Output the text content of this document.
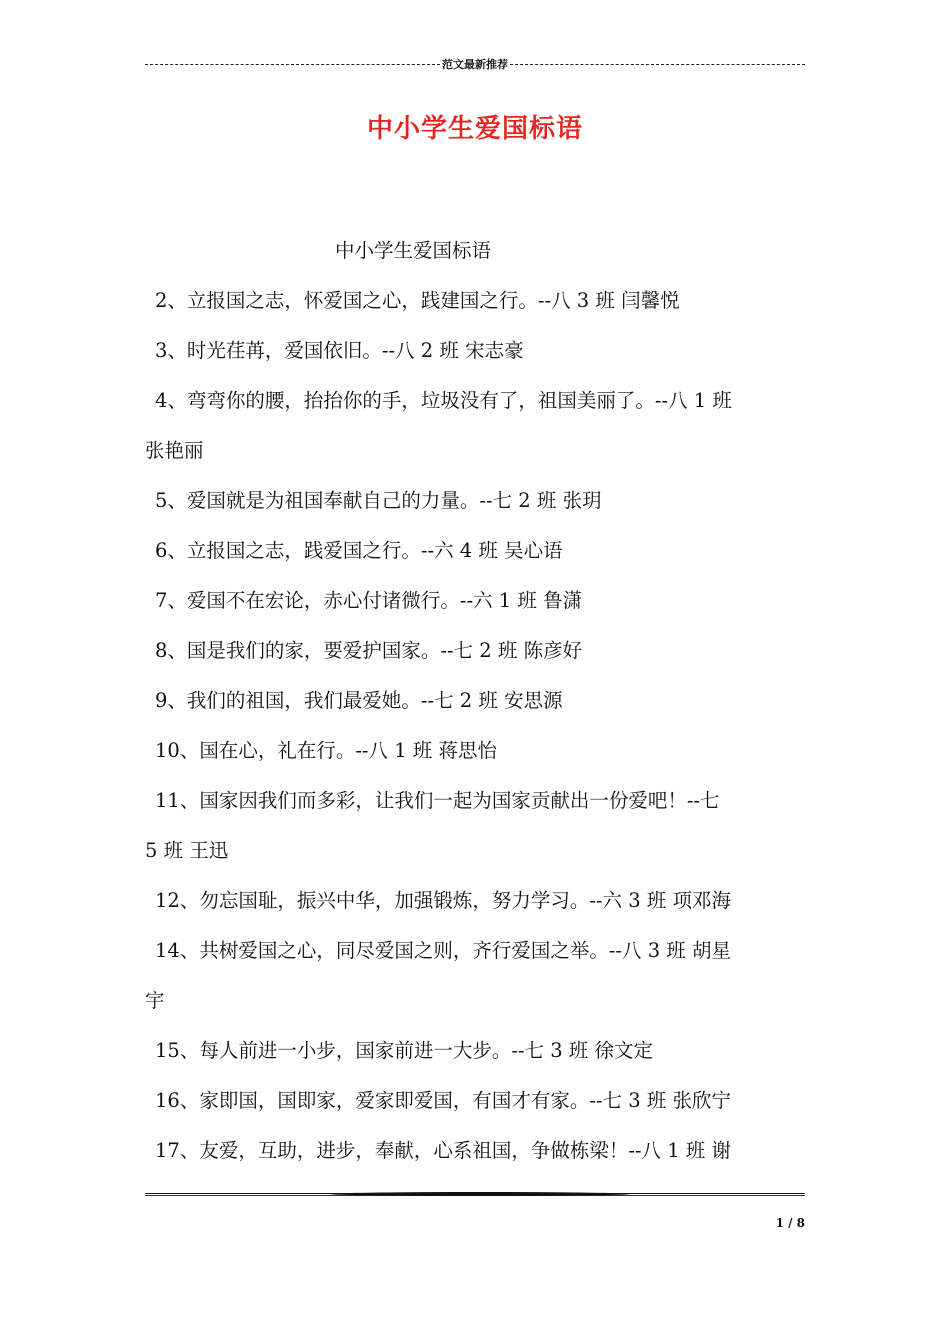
范文最新推荐
中小学生爱国标语
中小学生爱国标语
2、立报国之志，怀爱国之心，践建国之行。--八 3 班 闫馨悦
3、时光荏苒，爱国依旧。--八 2 班 宋志豪
4、弯弯你的腰，抬抬你的手，垃圾没有了，祖国美丽了。--八 1 班
张艳丽
5、爱国就是为祖国奉献自己的力量。--七 2 班 张玥
6、立报国之志，践爱国之行。--六 4 班 吴心语
7、爱国不在宏论，赤心付诸微行。--六 1 班 鲁潇
8、国是我们的家，要爱护国家。--七 2 班 陈彦好
9、我们的祖国，我们最爱她。--七 2 班 安思源
10、国在心，礼在行。--八 1 班 蒋思怡
11、国家因我们而多彩，让我们一起为国家贡献出一份爱吧！--七
5 班 王迅
12、勿忘国耻，振兴中华，加强锻炼，努力学习。--六 3 班 项邓海
14、共树爱国之心，同尽爱国之则，齐行爱国之举。--八 3 班 胡星
宇
15、每人前进一小步，国家前进一大步。--七 3 班 徐文定
16、家即国，国即家，爱家即爱国，有国才有家。--七 3 班 张欣宁
17、友爱，互助，进步，奉献，心系祖国，争做栋梁！--八 1 班 谢
1 / 8
